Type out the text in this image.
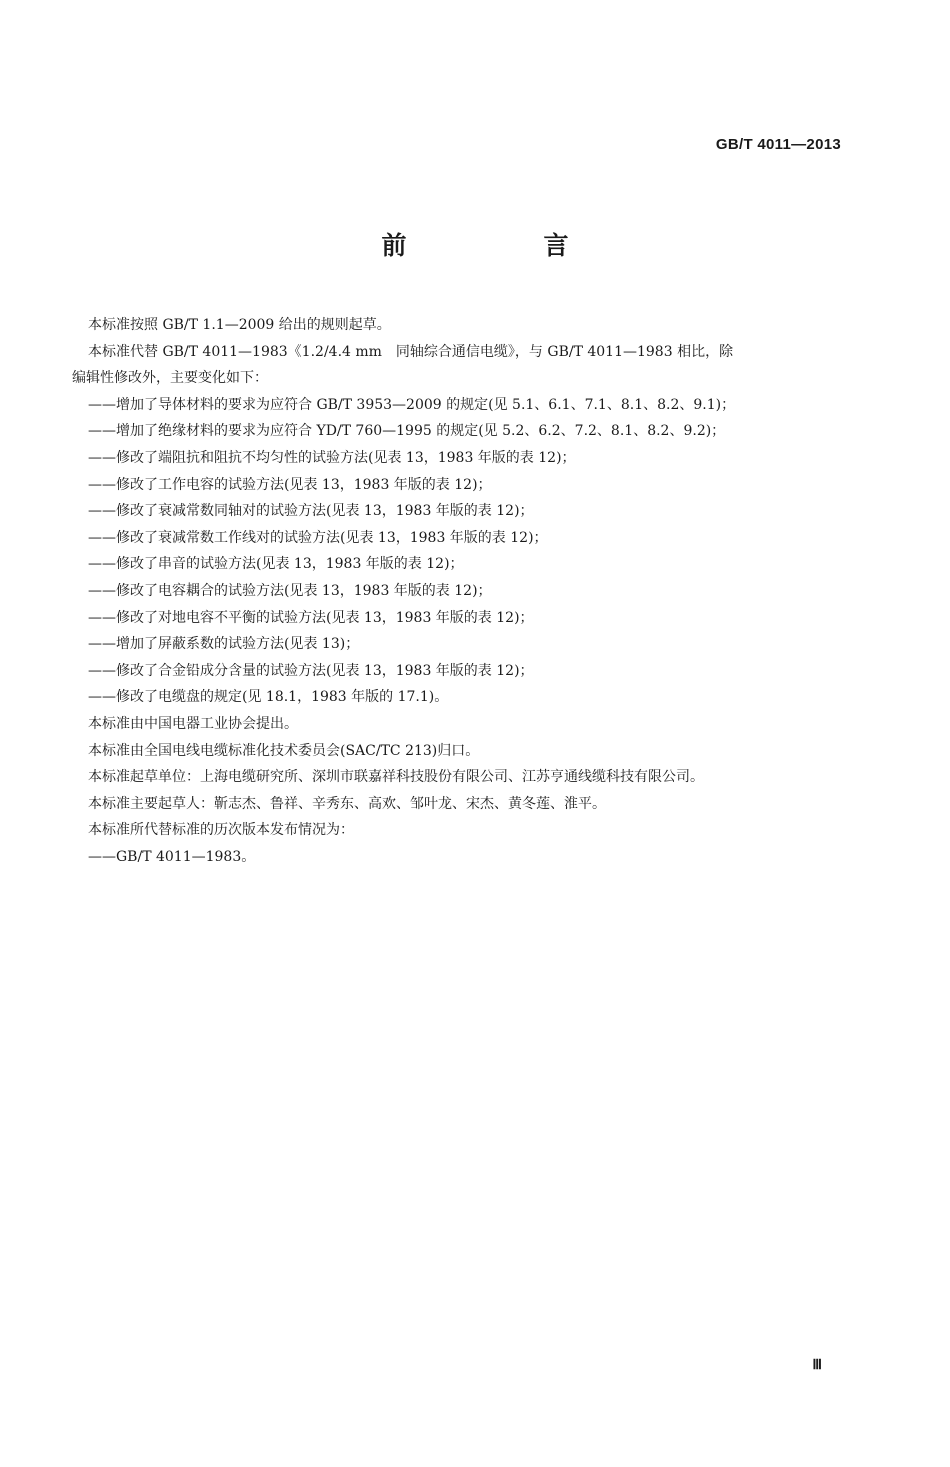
GB/T 4011—2013
前　言

本标准按照 GB/T 1.1—2009 给出的规则起草。

本标准代替 GB/T 4011—1983《1.2/4.4 mm　同轴综合通信电缆》，与 GB/T 4011—1983 相比，除

编辑性修改外，主要变化如下：

——增加了导体材料的要求为应符合 GB/T 3953—2009 的规定(见 5.1、6.1、7.1、8.1、8.2、9.1)；

——增加了绝缘材料的要求为应符合 YD/T 760—1995 的规定(见 5.2、6.2、7.2、8.1、8.2、9.2)；

——修改了端阻抗和阻抗不均匀性的试验方法(见表 13，1983 年版的表 12)；

——修改了工作电容的试验方法(见表 13，1983 年版的表 12)；

——修改了衰减常数同轴对的试验方法(见表 13，1983 年版的表 12)；

——修改了衰减常数工作线对的试验方法(见表 13，1983 年版的表 12)；

——修改了串音的试验方法(见表 13，1983 年版的表 12)；

——修改了电容耦合的试验方法(见表 13，1983 年版的表 12)；

——修改了对地电容不平衡的试验方法(见表 13，1983 年版的表 12)；

——增加了屏蔽系数的试验方法(见表 13)；

——修改了合金铅成分含量的试验方法(见表 13，1983 年版的表 12)；

——修改了电缆盘的规定(见 18.1，1983 年版的 17.1)。

本标准由中国电器工业协会提出。

本标准由全国电线电缆标准化技术委员会(SAC/TC 213)归口。

本标准起草单位：上海电缆研究所、深圳市联嘉祥科技股份有限公司、江苏亨通线缆科技有限公司。

本标准主要起草人：靳志杰、鲁祥、辛秀东、高欢、邹叶龙、宋杰、黄冬莲、淮平。

本标准所代替标准的历次版本发布情况为：

——GB/T 4011—1983。

Ⅲ
